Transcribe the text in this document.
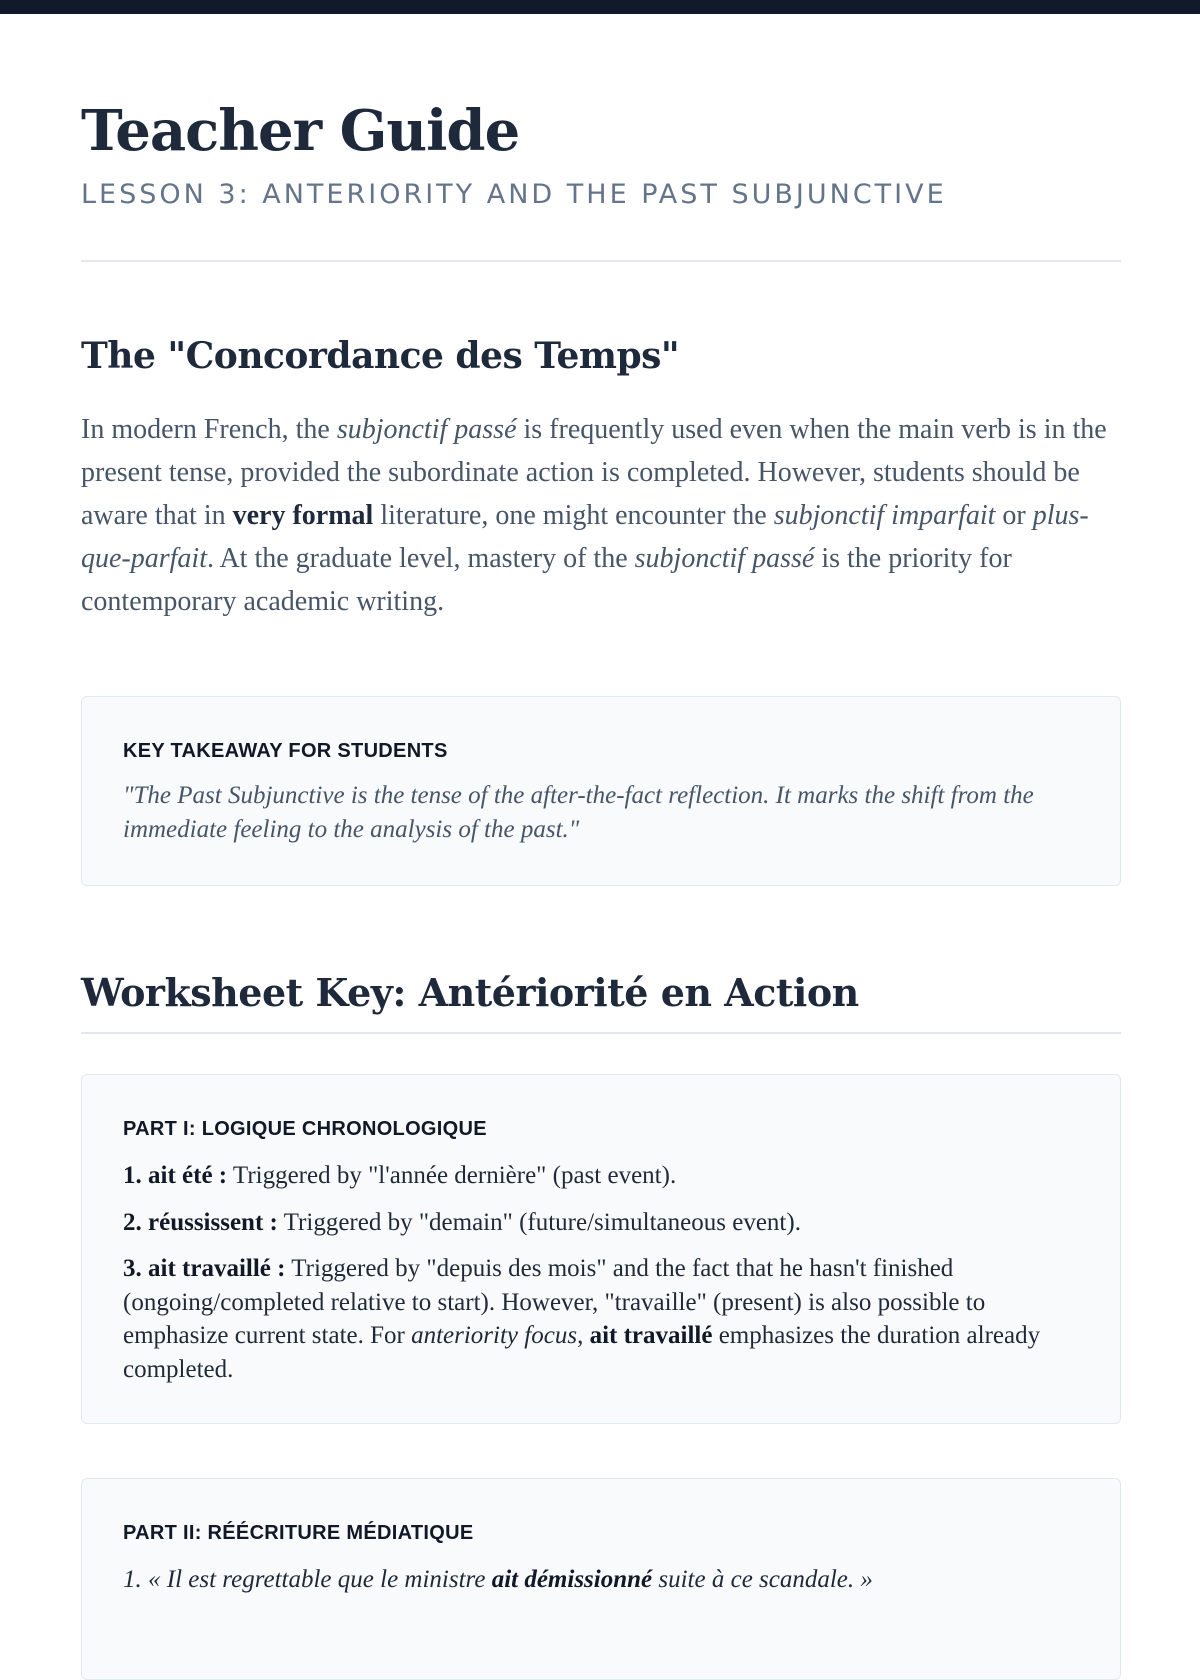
Teacher Guide
LESSON 3: ANTERIORITY AND THE PAST SUBJUNCTIVE
The "Concordance des Temps"

In modern French, the subjonctif passé is frequently used even when the main verb is in the present tense, provided the subordinate action is completed. However, students should be aware that in very formal literature, one might encounter the subjonctif imparfait or plus-que-parfait. At the graduate level, mastery of the subjonctif passé is the priority for contemporary academic writing.

KEY TAKEAWAY FOR STUDENTS

"The Past Subjunctive is the tense of the after-the-fact reflection. It marks the shift from the immediate feeling to the analysis of the past."

Worksheet Key: Antériorité en Action
PART I: LOGIQUE CHRONOLOGIQUE

1. ait été : Triggered by "l'année dernière" (past event).

2. réussissent : Triggered by "demain" (future/simultaneous event).

3. ait travaillé : Triggered by "depuis des mois" and the fact that he hasn't finished (ongoing/completed relative to start). However, "travaille" (present) is also possible to emphasize current state. For anteriority focus, ait travaillé emphasizes the duration already completed.

PART II: RÉÉCRITURE MÉDIATIQUE

1. « Il est regrettable que le ministre ait démissionné suite à ce scandale. »
